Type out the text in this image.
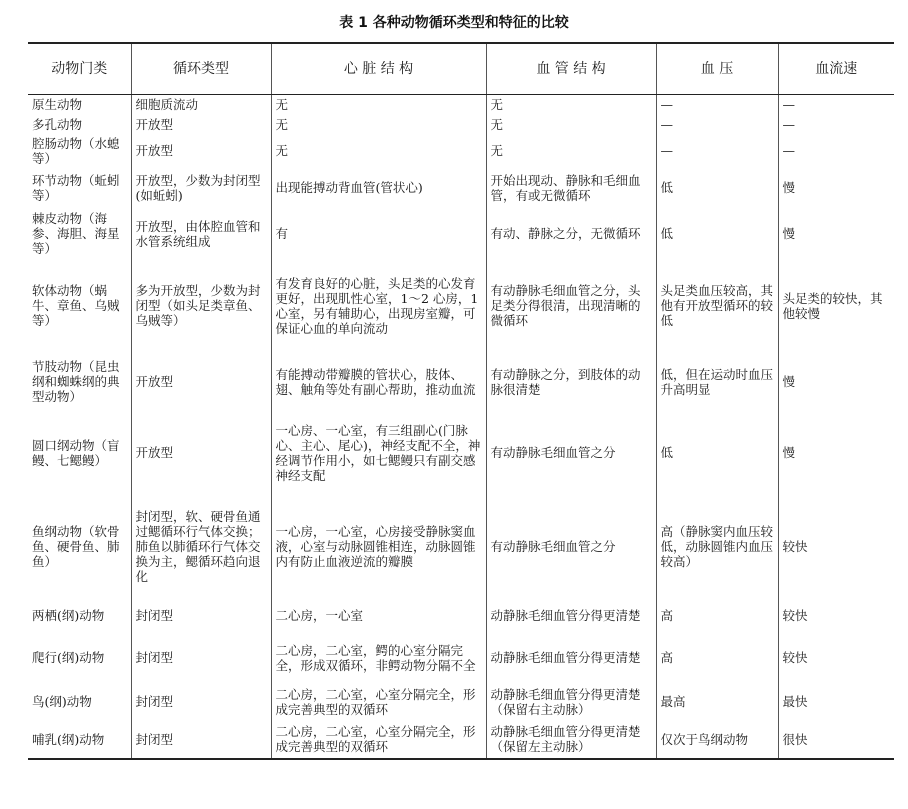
表 1 各种动物循环类型和特征的比较
动物门类	循环类型	心 脏 结 构	血 管 结 构	血 压	血流速
原生动物	细胞质流动	无	无	—	—
多孔动物	开放型	无	无	—	—
腔肠动物（水螅等）	开放型	无	无	—	—
环节动物（蚯蚓等）	开放型，少数为封闭型(如蚯蚓)	出现能搏动背血管(管状心)	开始出现动、静脉和毛细血管，有或无微循环	低	慢
棘皮动物（海参、海胆、海星等）	开放型，由体腔血管和水管系统组成	有	有动、静脉之分，无微循环	低	慢
软体动物（蜗牛、章鱼、乌贼等）	多为开放型，少数为封闭型（如头足类章鱼、乌贼等）	有发育良好的心脏，头足类的心发育更好，出现肌性心室，1～2 心房，1 心室，另有辅助心，出现房室瓣，可保证心血的单向流动	有动静脉毛细血管之分，头足类分得很清，出现清晰的微循环	头足类血压较高，其他有开放型循环的较低	头足类的较快，其他较慢
节肢动物（昆虫纲和蜘蛛纲的典型动物）	开放型	有能搏动带瓣膜的管状心，肢体、翅、触角等处有副心帮助，推动血流	有动静脉之分，到肢体的动脉很清楚	低，但在运动时血压升高明显	慢
圆口纲动物（盲鳗、七鳃鳗）	开放型	一心房、一心室，有三组副心(门脉心、主心、尾心)，神经支配不全，神经调节作用小，如七鳃鳗只有副交感神经支配	有动静脉毛细血管之分	低	慢
鱼纲动物（软骨鱼、硬骨鱼、肺鱼）	封闭型，软、硬骨鱼通过鳃循环行气体交换；肺鱼以肺循环行气体交换为主，鳃循环趋向退化	一心房，一心室，心房接受静脉窦血液，心室与动脉圆锥相连，动脉圆锥内有防止血液逆流的瓣膜	有动静脉毛细血管之分	高（静脉窦内血压较低，动脉圆锥内血压较高）	较快
两栖(纲)动物	封闭型	二心房，一心室	动静脉毛细血管分得更清楚	高	较快
爬行(纲)动物	封闭型	二心房，二心室，鳄的心室分隔完全，形成双循环，非鳄动物分隔不全	动静脉毛细血管分得更清楚	高	较快
鸟(纲)动物	封闭型	二心房，二心室，心室分隔完全，形成完善典型的双循环	动静脉毛细血管分得更清楚（保留右主动脉）	最高	最快
哺乳(纲)动物	封闭型	二心房，二心室，心室分隔完全，形成完善典型的双循环	动静脉毛细血管分得更清楚（保留左主动脉）	仅次于鸟纲动物	很快
